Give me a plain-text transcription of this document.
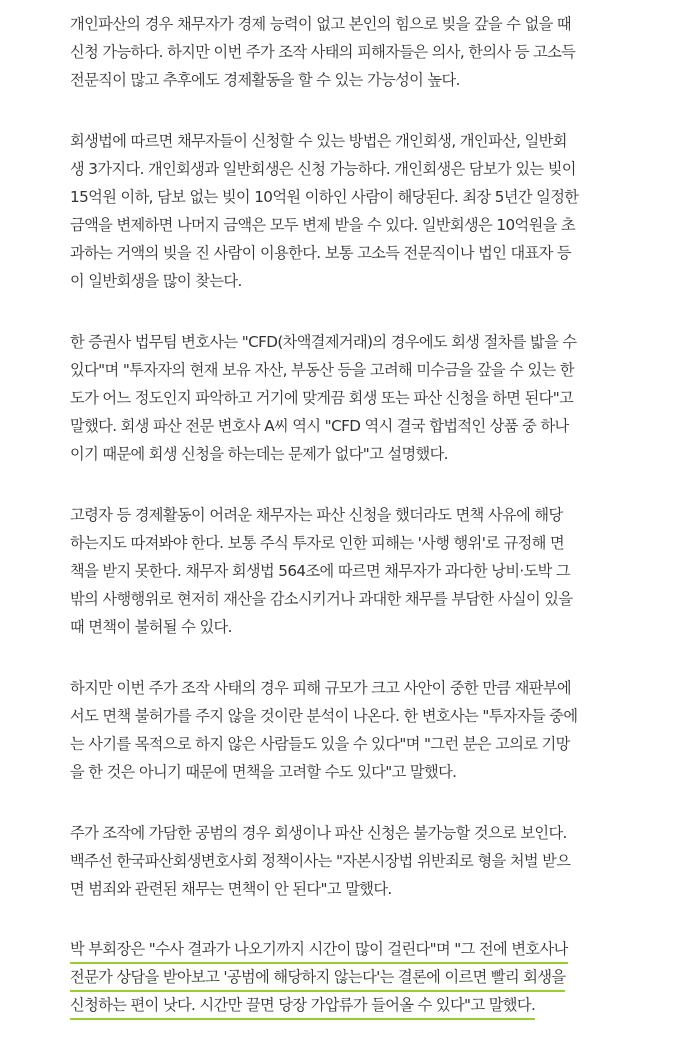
개인파산의 경우 채무자가 경제 능력이 없고 본인의 힘으로 빚을 갚을 수 없을 때
신청 가능하다. 하지만 이번 주가 조작 사태의 피해자들은 의사, 한의사 등 고소득
전문직이 많고 추후에도 경제활동을 할 수 있는 가능성이 높다.

회생법에 따르면 채무자들이 신청할 수 있는 방법은 개인회생, 개인파산, 일반회
생 3가지다. 개인회생과 일반회생은 신청 가능하다. 개인회생은 담보가 있는 빚이
15억원 이하, 담보 없는 빚이 10억원 이하인 사람이 해당된다. 최장 5년간 일정한
금액을 변제하면 나머지 금액은 모두 변제 받을 수 있다. 일반회생은 10억원을 초
과하는 거액의 빚을 진 사람이 이용한다. 보통 고소득 전문직이나 법인 대표자 등
이 일반회생을 많이 찾는다.

한 증권사 법무팀 변호사는 "CFD(차액결제거래)의 경우에도 회생 절차를 밟을 수
있다"며 "투자자의 현재 보유 자산, 부동산 등을 고려해 미수금을 갚을 수 있는 한
도가 어느 정도인지 파악하고 거기에 맞게끔 회생 또는 파산 신청을 하면 된다"고
말했다. 회생 파산 전문 변호사 A씨 역시 "CFD 역시 결국 합법적인 상품 중 하나
이기 때문에 회생 신청을 하는데는 문제가 없다"고 설명했다.

고령자 등 경제활동이 어려운 채무자는 파산 신청을 했더라도 면책 사유에 해당
하는지도 따져봐야 한다. 보통 주식 투자로 인한 피해는 '사행 행위'로 규정해 면
책을 받지 못한다. 채무자 회생법 564조에 따르면 채무자가 과다한 낭비·도박 그
밖의 사행행위로 현저히 재산을 감소시키거나 과대한 채무를 부담한 사실이 있을
때 면책이 불허될 수 있다.

하지만 이번 주가 조작 사태의 경우 피해 규모가 크고 사안이 중한 만큼 재판부에
서도 면책 불허가를 주지 않을 것이란 분석이 나온다. 한 변호사는 "투자자들 중에
는 사기를 목적으로 하지 않은 사람들도 있을 수 있다"며 "그런 분은 고의로 기망
을 한 것은 아니기 때문에 면책을 고려할 수도 있다"고 말했다.

주가 조작에 가담한 공범의 경우 회생이나 파산 신청은 불가능할 것으로 보인다.
백주선 한국파산회생변호사회 정책이사는 "자본시장법 위반죄로 형을 처벌 받으
면 범죄와 관련된 채무는 면책이 안 된다"고 말했다.

박 부회장은 "수사 결과가 나오기까지 시간이 많이 걸린다"며 "그 전에 변호사나
전문가 상담을 받아보고 '공범에 해당하지 않는다'는 결론에 이르면 빨리 회생을
신청하는 편이 낫다. 시간만 끌면 당장 가압류가 들어올 수 있다"고 말했다.
